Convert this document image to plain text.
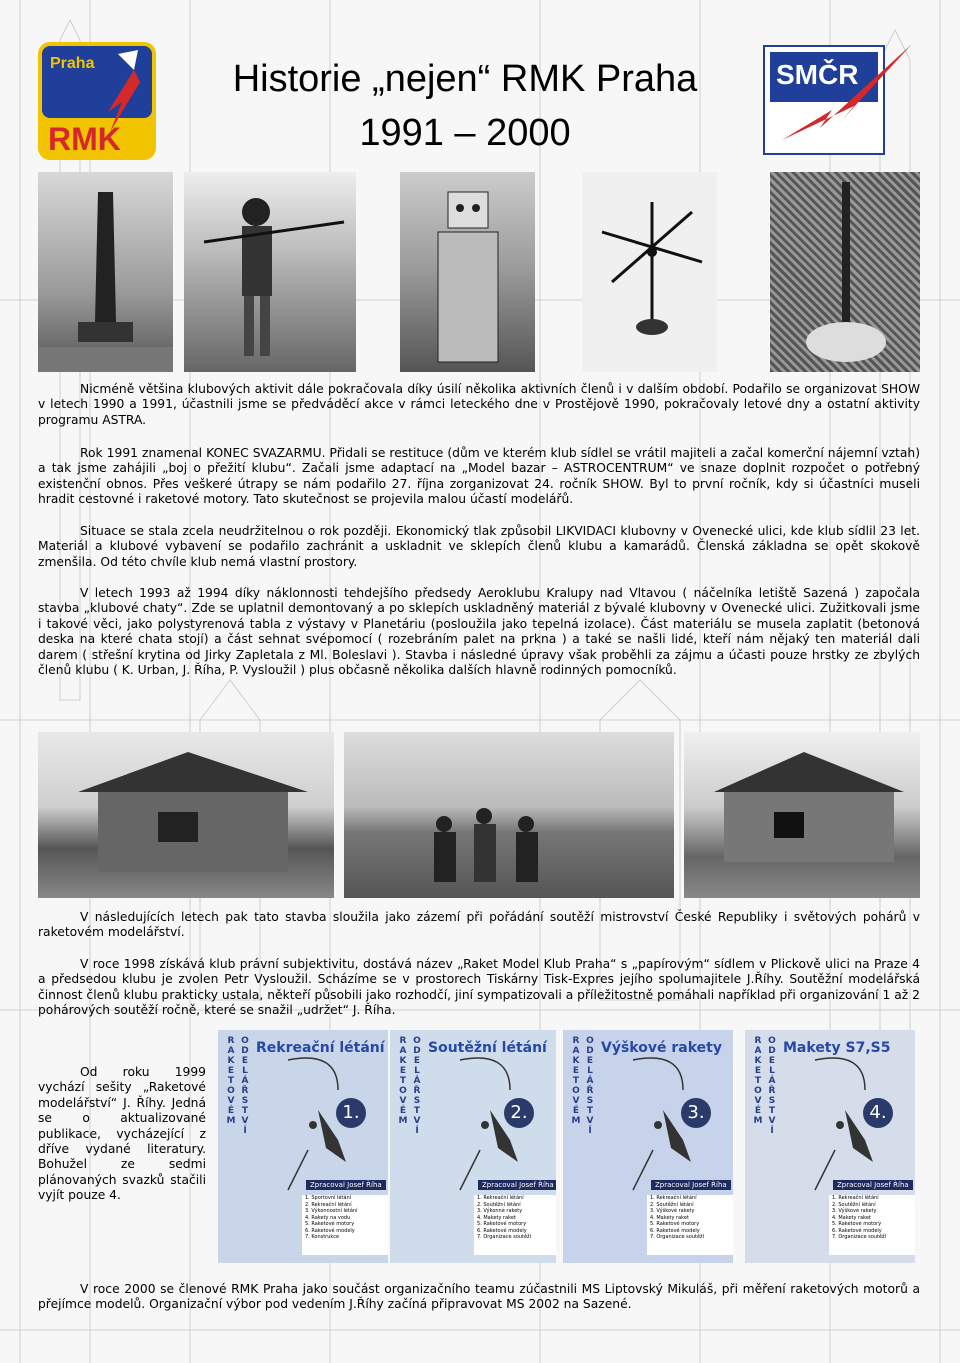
Praha
RMK
Historie „nejen“ RMK Praha
1991 – 2000
SMČR

Nicméně většina klubových aktivit dále pokračovala díky úsilí několika aktivních členů i v dalším období. Podařilo se organizovat SHOW v letech 1990 a 1991, účastnili jsme se předváděcí akce v rámci leteckého dne v Prostějově 1990, pokračovaly letové dny a ostatní aktivity programu ASTRA.

Rok 1991 znamenal KONEC SVAZARMU. Přidali se restituce (dům ve kterém klub sídlel se vrátil majiteli a začal komerční nájemní vztah) a tak jsme zahájili „boj o přežití klubu“. Začali jsme adaptací na „Model bazar – ASTROCENTRUM“ ve snaze doplnit rozpočet o potřebný existenční obnos. Přes veškeré útrapy se nám podařilo 27. října zorganizovat 24. ročník SHOW. Byl to první ročník, kdy si účastníci museli hradit cestovné i raketové motory. Tato skutečnost se projevila malou účastí modelářů.

Situace se stala zcela neudržitelnou o rok později. Ekonomický tlak způsobil LIKVIDACI klubovny v Ovenecké ulici, kde klub sídlil 23 let. Materiál a klubové vybavení se podařilo zachránit a uskladnit ve sklepích členů klubu a kamarádů. Členská základna se opět skokově zmenšila. Od této chvíle klub nemá vlastní prostory.

V letech 1993 až 1994 díky náklonnosti tehdejšího předsedy Aeroklubu Kralupy nad Vltavou ( náčelníka letiště Sazená ) započala stavba „klubové chaty“. Zde se uplatnil demontovaný a po sklepích uskladněný materiál z bývalé klubovny v Ovenecké ulici. Zužitkovali jsme i takové věci, jako polystyrenová tabla z výstavy v Planetáriu (posloužila jako tepelná izolace). Část materiálu se musela zaplatit (betonová deska na které chata stojí) a část sehnat svépomocí ( rozebráním palet na prkna ) a také se našli lidé, kteří nám nějaký ten materiál dali darem ( střešní krytina od Jirky Zapletala z Ml. Boleslavi ). Stavba i následné úpravy však proběhli za zájmu a účasti pouze hrstky ze zbylých členů klubu ( K. Urban, J. Říha, P. Vysloužil ) plus občasně několika dalších hlavně rodinných pomocníků.

V následujících letech pak tato stavba sloužila jako zázemí při pořádání soutěží mistrovství České Republiky i světových pohárů v raketovém modelářství.

V roce 1998 získává klub právní subjektivitu, dostává název „Raket Model Klub Praha“ s „papírovým“ sídlem v Plickově ulici na Praze 4 a předsedou klubu je zvolen Petr Vysloužil. Scházíme se v prostorech Tiskárny Tisk-Expres jejího spolumajitele J.Říhy. Soutěžní modelářská činnost členů klubu prakticky ustala, někteří působili jako rozhodčí, jiní sympatizovali a příležitostně pomáhali například při organizování 1 až 2 pohárových soutěží ročně, které se snažil „udržet“ J. Říha.

Od roku 1999 vychází sešity „Raketové modelářství“ J. Říhy. Jedná se o aktualizované publikace, vycházející z dříve vydané literatury. Bohužel ze sedmi plánovaných svazků stačili vyjít pouze 4.

R
A
K
E
T
O
V
É
M
O
D
E
L
Á
Ř
S
T
V
Í
Rekreační létání
1.
Zpracoval Josef Říha
1. Sportovní létání
2. Rekreační létání
3. Výkonnostní létání
4. Rakety na vodu
5. Raketové motory
6. Raketové modely
7. Konstrukce
R
A
K
E
T
O
V
É
M
O
D
E
L
Á
Ř
S
T
V
Í
Soutěžní létání
2.
Zpracoval Josef Říha
1. Rekreační létání
2. Soutěžní létání
3. Výkonné rakety
4. Makety raket
5. Raketové motory
6. Raketové modely
7. Organizace soutěží
R
A
K
E
T
O
V
É
M
O
D
E
L
Á
Ř
S
T
V
Í
Výškové rakety
3.
Zpracoval Josef Říha
1. Rekreační létání
2. Soutěžní létání
3. Výškové rakety
4. Makety raket
5. Raketové motory
6. Raketové modely
7. Organizace soutěží
R
A
K
E
T
O
V
É
M
O
D
E
L
Á
Ř
S
T
V
Í
Makety S7,S5
4.
Zpracoval Josef Říha
1. Rekreační létání
2. Soutěžní létání
3. Výškové rakety
4. Makety raket
5. Raketové motory
6. Raketové modely
7. Organizace soutěží

V roce 2000 se členové RMK Praha jako součást organizačního teamu zúčastnili MS Liptovský Mikuláš, při měření raketových motorů a přejímce modelů. Organizační výbor pod vedením J.Říhy začíná připravovat MS 2002 na Sazené.
